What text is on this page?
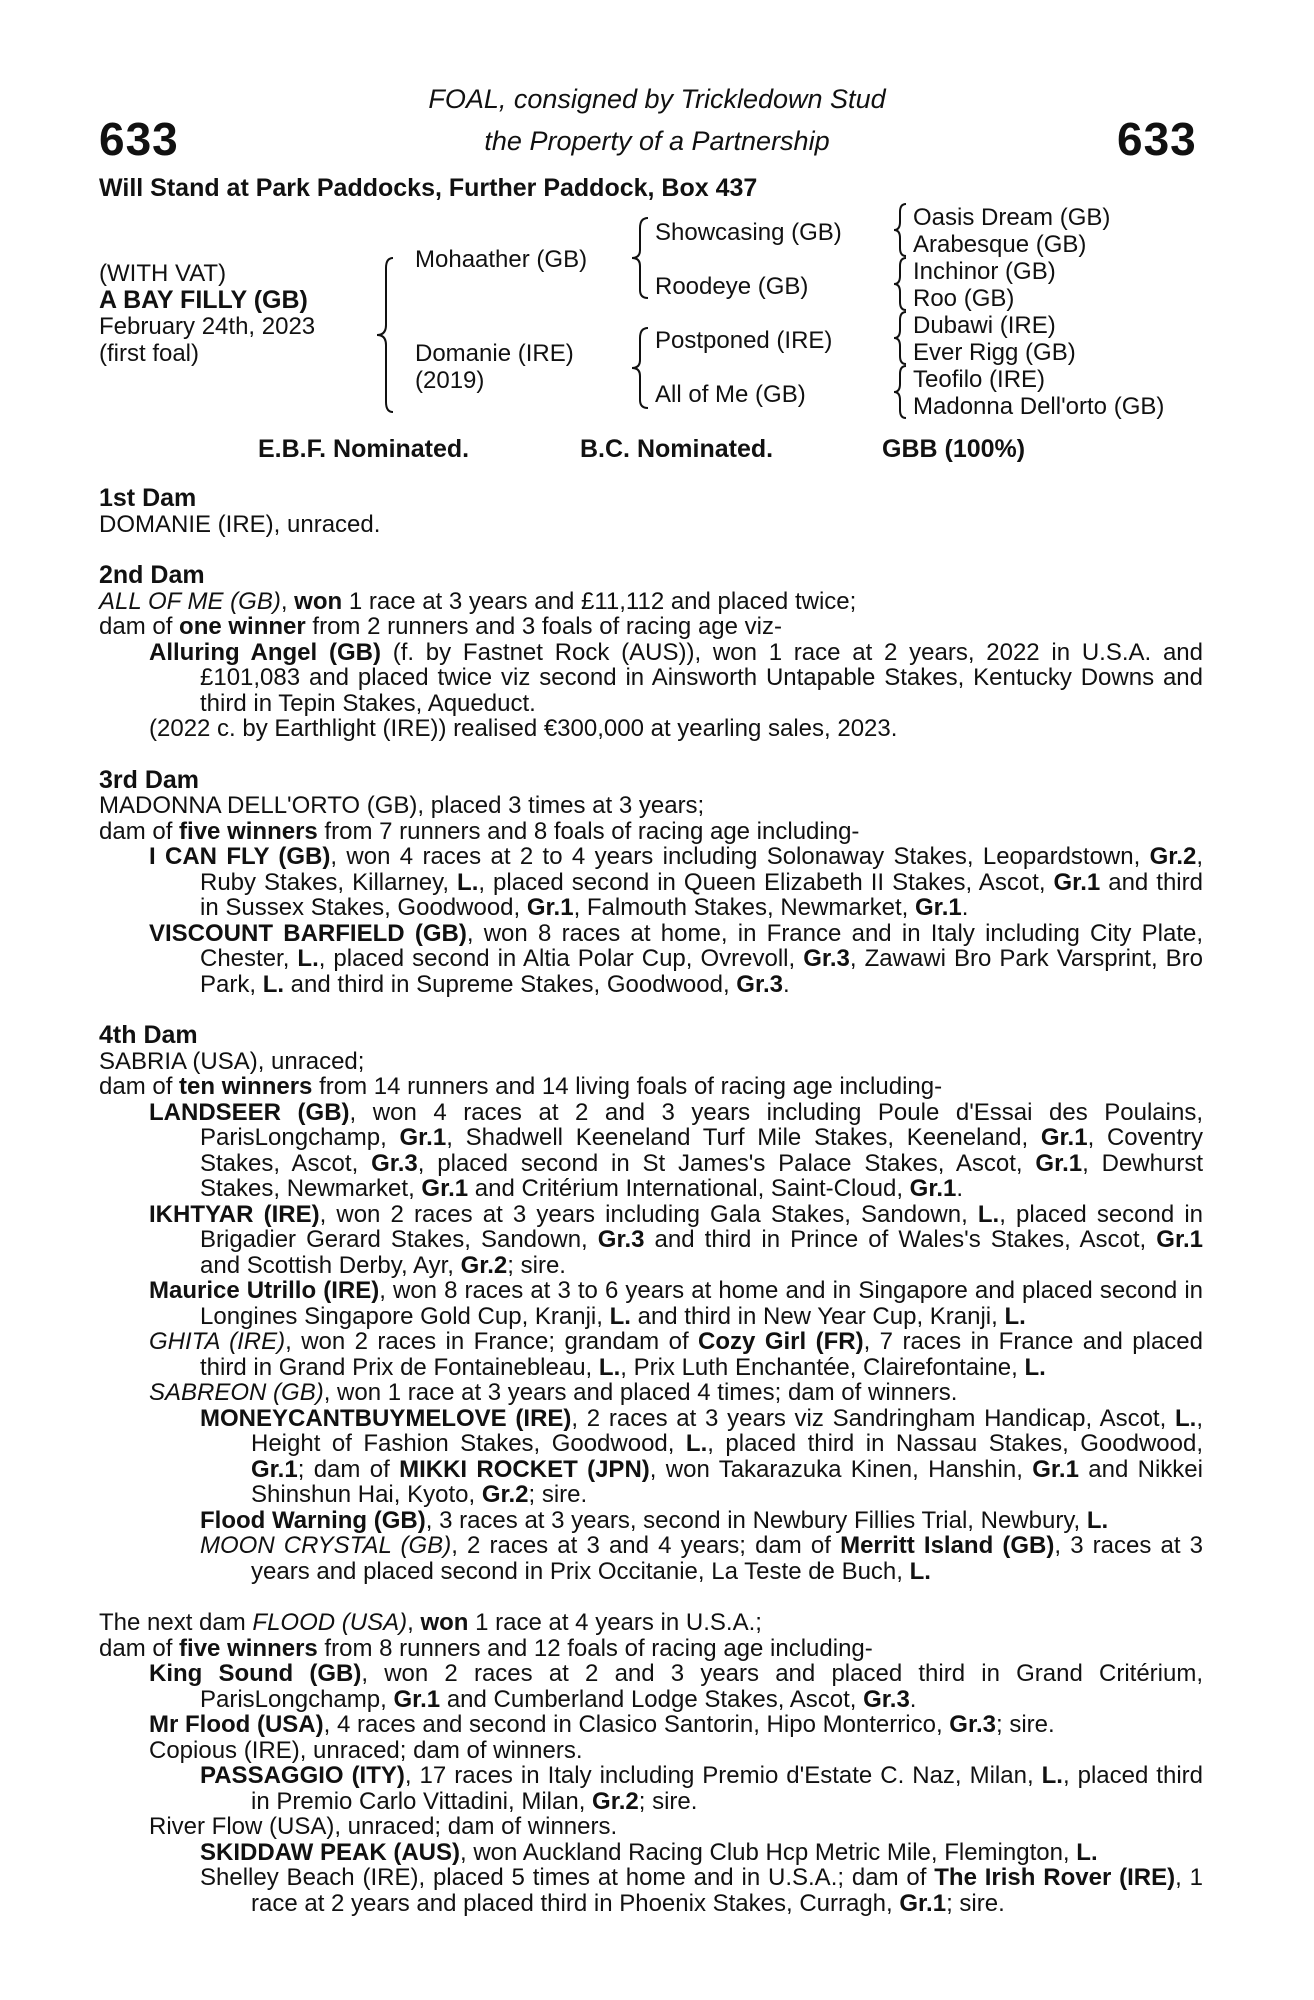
633	633
FOAL, consigned by Trickledown Stud
the Property of a Partnership
Will Stand at Park Paddocks, Further Paddock, Box 437
(WITH VAT)
A BAY FILLY (GB)
February 24th, 2023
(first foal)
Mohaather (GB)
Domanie (IRE)
(2019)
Showcasing (GB)
Roodeye (GB)
Postponed (IRE)
All of Me (GB)
Oasis Dream (GB)
Arabesque (GB)
Inchinor (GB)
Roo (GB)
Dubawi (IRE)
Ever Rigg (GB)
Teofilo (IRE)
Madonna Dell'orto (GB)
E.B.F. Nominated.	B.C. Nominated.	GBB (100%)
1st Dam
DOMANIE (IRE), unraced.
2nd Dam
ALL OF ME (GB), won 1 race at 3 years and £11,112 and placed twice;
dam of one winner from 2 runners and 3 foals of racing age viz-
Alluring Angel (GB) (f. by Fastnet Rock (AUS)), won 1 race at 2 years, 2022 in U.S.A. and £101,083 and placed twice viz second in Ainsworth Untapable Stakes, Kentucky Downs and third in Tepin Stakes, Aqueduct.
(2022 c. by Earthlight (IRE)) realised €300,000 at yearling sales, 2023.
3rd Dam
MADONNA DELL'ORTO (GB), placed 3 times at 3 years;
dam of five winners from 7 runners and 8 foals of racing age including-
I CAN FLY (GB), won 4 races at 2 to 4 years including Solonaway Stakes, Leopardstown, Gr.2, Ruby Stakes, Killarney, L., placed second in Queen Elizabeth II Stakes, Ascot, Gr.1 and third in Sussex Stakes, Goodwood, Gr.1, Falmouth Stakes, Newmarket, Gr.1.
VISCOUNT BARFIELD (GB), won 8 races at home, in France and in Italy including City Plate, Chester, L., placed second in Altia Polar Cup, Ovrevoll, Gr.3, Zawawi Bro Park Varsprint, Bro Park, L. and third in Supreme Stakes, Goodwood, Gr.3.
4th Dam
SABRIA (USA), unraced;
dam of ten winners from 14 runners and 14 living foals of racing age including-
LANDSEER (GB), won 4 races at 2 and 3 years including Poule d'Essai des Poulains, ParisLongchamp, Gr.1, Shadwell Keeneland Turf Mile Stakes, Keeneland, Gr.1, Coventry Stakes, Ascot, Gr.3, placed second in St James's Palace Stakes, Ascot, Gr.1, Dewhurst Stakes, Newmarket, Gr.1 and Critérium International, Saint-Cloud, Gr.1.
IKHTYAR (IRE), won 2 races at 3 years including Gala Stakes, Sandown, L., placed second in Brigadier Gerard Stakes, Sandown, Gr.3 and third in Prince of Wales's Stakes, Ascot, Gr.1 and Scottish Derby, Ayr, Gr.2; sire.
Maurice Utrillo (IRE), won 8 races at 3 to 6 years at home and in Singapore and placed second in Longines Singapore Gold Cup, Kranji, L. and third in New Year Cup, Kranji, L.
GHITA (IRE), won 2 races in France; grandam of Cozy Girl (FR), 7 races in France and placed third in Grand Prix de Fontainebleau, L., Prix Luth Enchantée, Clairefontaine, L.
SABREON (GB), won 1 race at 3 years and placed 4 times; dam of winners.
MONEYCANTBUYMELOVE (IRE), 2 races at 3 years viz Sandringham Handicap, Ascot, L., Height of Fashion Stakes, Goodwood, L., placed third in Nassau Stakes, Goodwood, Gr.1; dam of MIKKI ROCKET (JPN), won Takarazuka Kinen, Hanshin, Gr.1 and Nikkei Shinshun Hai, Kyoto, Gr.2; sire.
Flood Warning (GB), 3 races at 3 years, second in Newbury Fillies Trial, Newbury, L.
MOON CRYSTAL (GB), 2 races at 3 and 4 years; dam of Merritt Island (GB), 3 races at 3 years and placed second in Prix Occitanie, La Teste de Buch, L.
The next dam FLOOD (USA), won 1 race at 4 years in U.S.A.;
dam of five winners from 8 runners and 12 foals of racing age including-
King Sound (GB), won 2 races at 2 and 3 years and placed third in Grand Critérium, ParisLongchamp, Gr.1 and Cumberland Lodge Stakes, Ascot, Gr.3.
Mr Flood (USA), 4 races and second in Clasico Santorin, Hipo Monterrico, Gr.3; sire.
Copious (IRE), unraced; dam of winners.
PASSAGGIO (ITY), 17 races in Italy including Premio d'Estate C. Naz, Milan, L., placed third in Premio Carlo Vittadini, Milan, Gr.2; sire.
River Flow (USA), unraced; dam of winners.
SKIDDAW PEAK (AUS), won Auckland Racing Club Hcp Metric Mile, Flemington, L.
Shelley Beach (IRE), placed 5 times at home and in U.S.A.; dam of The Irish Rover (IRE), 1 race at 2 years and placed third in Phoenix Stakes, Curragh, Gr.1; sire.
